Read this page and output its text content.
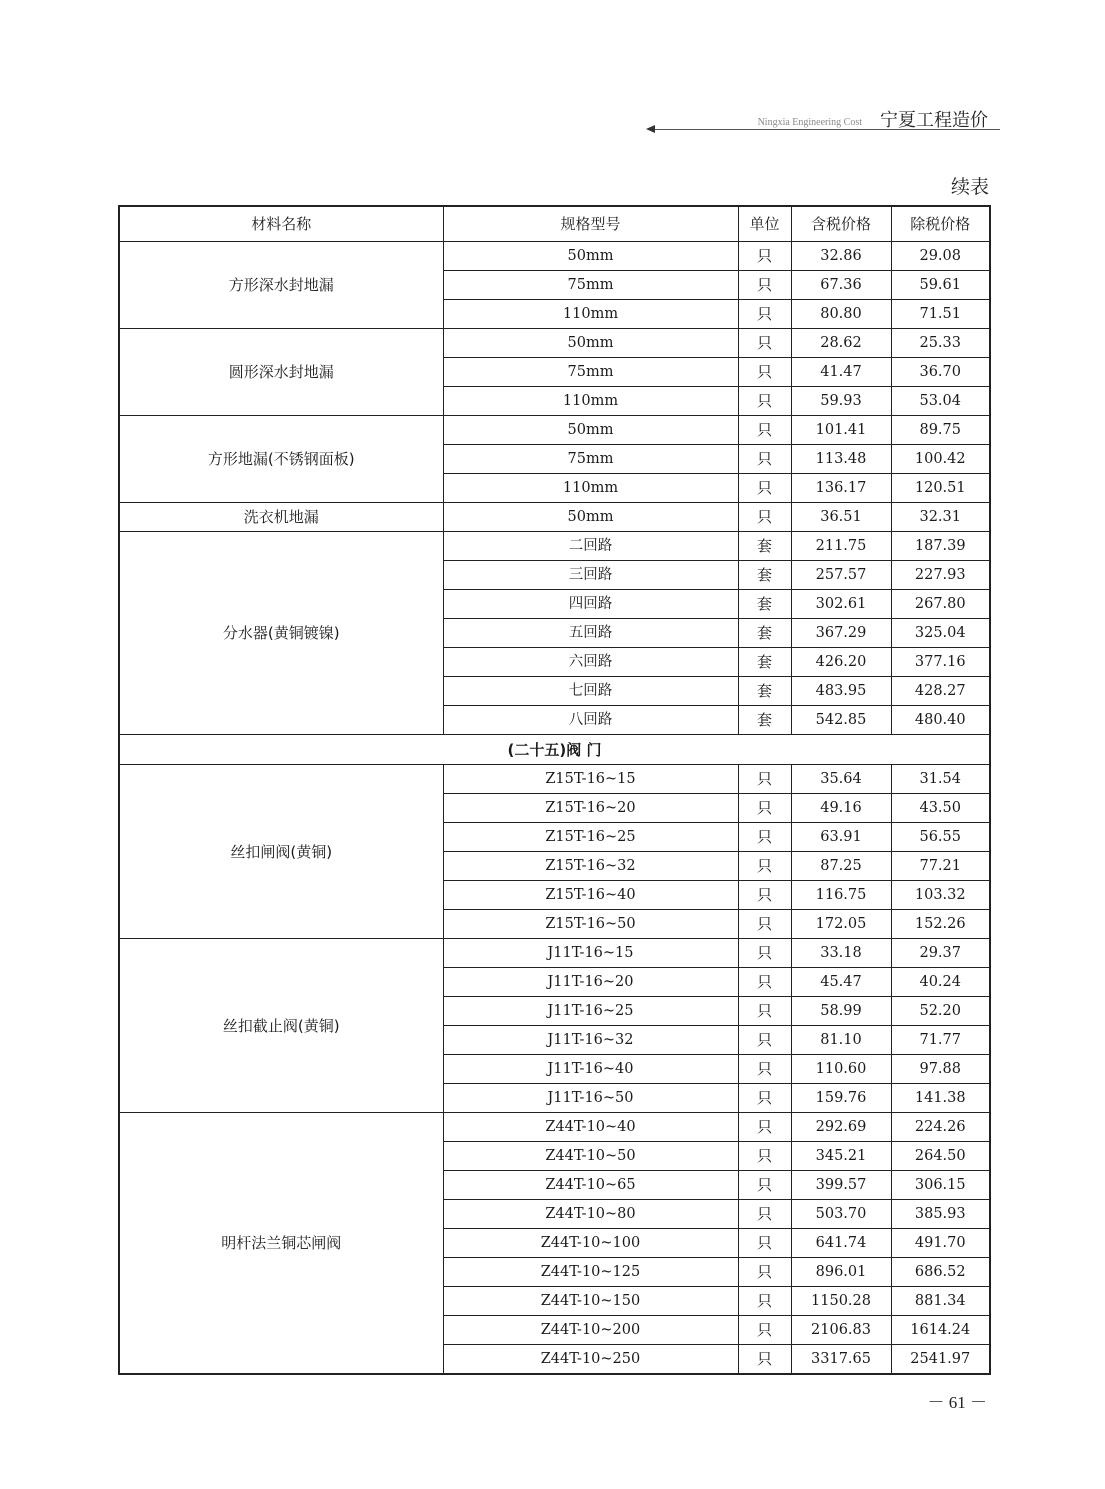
Ningxia Engineering Cost 宁夏工程造价
续表
材料名称	规格型号	单位	含税价格	除税价格
方形深水封地漏	50mm	只	32.86	29.08
	75mm	只	67.36	59.61
	110mm	只	80.80	71.51
圆形深水封地漏	50mm	只	28.62	25.33
	75mm	只	41.47	36.70
	110mm	只	59.93	53.04
方形地漏(不锈钢面板)	50mm	只	101.41	89.75
	75mm	只	113.48	100.42
	110mm	只	136.17	120.51
洗衣机地漏	50mm	只	36.51	32.31
分水器(黄铜镀镍)	二回路	套	211.75	187.39
	三回路	套	257.57	227.93
	四回路	套	302.61	267.80
	五回路	套	367.29	325.04
	六回路	套	426.20	377.16
	七回路	套	483.95	428.27
	八回路	套	542.85	480.40
(二十五)阀 门				
丝扣闸阀(黄铜)	Z15T-16~15	只	35.64	31.54
	Z15T-16~20	只	49.16	43.50
	Z15T-16~25	只	63.91	56.55
	Z15T-16~32	只	87.25	77.21
	Z15T-16~40	只	116.75	103.32
	Z15T-16~50	只	172.05	152.26
丝扣截止阀(黄铜)	J11T-16~15	只	33.18	29.37
	J11T-16~20	只	45.47	40.24
	J11T-16~25	只	58.99	52.20
	J11T-16~32	只	81.10	71.77
	J11T-16~40	只	110.60	97.88
	J11T-16~50	只	159.76	141.38
明杆法兰铜芯闸阀	Z44T-10~40	只	292.69	224.26
	Z44T-10~50	只	345.21	264.50
	Z44T-10~65	只	399.57	306.15
	Z44T-10~80	只	503.70	385.93
	Z44T-10~100	只	641.74	491.70
	Z44T-10~125	只	896.01	686.52
	Z44T-10~150	只	1150.28	881.34
	Z44T-10~200	只	2106.83	1614.24
	Z44T-10~250	只	3317.65	2541.97
－ 61 －
